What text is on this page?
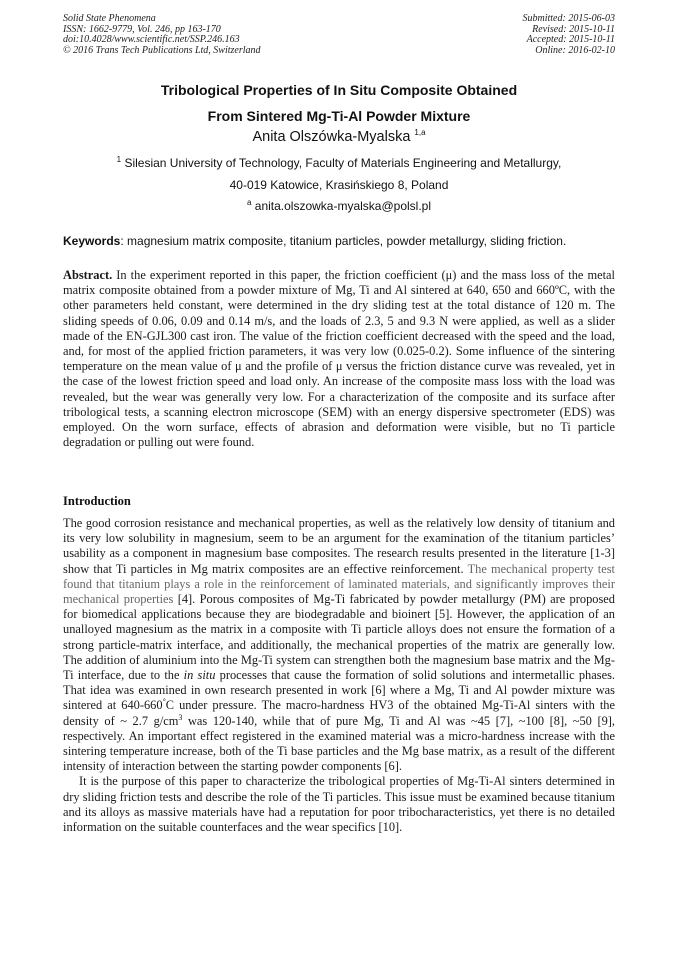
Solid State Phenomena
ISSN: 1662-9779, Vol. 246, pp 163-170
doi:10.4028/www.scientific.net/SSP.246.163
© 2016 Trans Tech Publications Ltd, Switzerland
Submitted: 2015-06-03
Revised: 2015-10-11
Accepted: 2015-10-11
Online: 2016-02-10
Tribological Properties of In Situ Composite Obtained
From Sintered Mg-Ti-Al Powder Mixture
Anita Olszówka-Myalska $^{1,a}$
$^1$ Silesian University of Technology, Faculty of Materials Engineering and Metallurgy,
40-019 Katowice, Krasińskiego 8, Poland
$^a$ anita.olszowka-myalska@polsl.pl
Keywords: magnesium matrix composite, titanium particles, powder metallurgy, sliding friction.
Abstract. In the experiment reported in this paper, the friction coefficient (μ) and the mass loss of the metal matrix composite obtained from a powder mixture of Mg, Ti and Al sintered at 640, 650 and 660ºC, with the other parameters held constant, were determined in the dry sliding test at the total distance of 120 m. The sliding speeds of 0.06, 0.09 and 0.14 m/s, and the loads of 2.3, 5 and 9.3 N were applied, as well as a slider made of the EN-GJL300 cast iron. The value of the friction coefficient decreased with the speed and the load, and, for most of the applied friction parameters, it was very low (0.025-0.2). Some influence of the sintering temperature on the mean value of μ and the profile of μ versus the friction distance curve was revealed, yet in the case of the lowest friction speed and load only. An increase of the composite mass loss with the load was revealed, but the wear was generally very low. For a characterization of the composite and its surface after tribological tests, a scanning electron microscope (SEM) with an energy dispersive spectrometer (EDS) was employed. On the worn surface, effects of abrasion and deformation were visible, but no Ti particle degradation or pulling out were found.
Introduction

The good corrosion resistance and mechanical properties, as well as the relatively low density of titanium and its very low solubility in magnesium, seem to be an argument for the examination of the titanium particles’ usability as a component in magnesium base composites. The research results presented in the literature [1-3] show that Ti particles in Mg matrix composites are an effective reinforcement. The mechanical property test found that titanium plays a role in the reinforcement of laminated materials, and significantly improves their mechanical properties [4]. Porous composites of Mg-Ti fabricated by powder metallurgy (PM) are proposed for biomedical applications because they are biodegradable and bioinert [5]. However, the application of an unalloyed magnesium as the matrix in a composite with Ti particle alloys does not ensure the formation of a strong particle-matrix interface, and additionally, the mechanical properties of the matrix are generally low. The addition of aluminium into the Mg-Ti system can strengthen both the magnesium base matrix and the Mg-Ti interface, due to the in situ processes that cause the formation of solid solutions and intermetallic phases. That idea was examined in own research presented in work [6] where a Mg, Ti and Al powder mixture was sintered at 640-660°C under pressure. The macro-hardness HV3 of the obtained Mg-Ti-Al sinters with the density of ~ 2.7 $g/cm^3$ was 120-140, while that of pure Mg, Ti and Al was ~45 [7], ~100 [8], ~50 [9], respectively. An important effect registered in the examined material was a micro-hardness increase with the sintering temperature increase, both of the Ti base particles and the Mg base matrix, as a result of the different intensity of interaction between the starting powder components [6].

It is the purpose of this paper to characterize the tribological properties of Mg-Ti-Al sinters determined in dry sliding friction tests and describe the role of the Ti particles. This issue must be examined because titanium and its alloys as massive materials have had a reputation for poor tribocharacteristics, yet there is no detailed information on the suitable counterfaces and the wear specifics [10].
